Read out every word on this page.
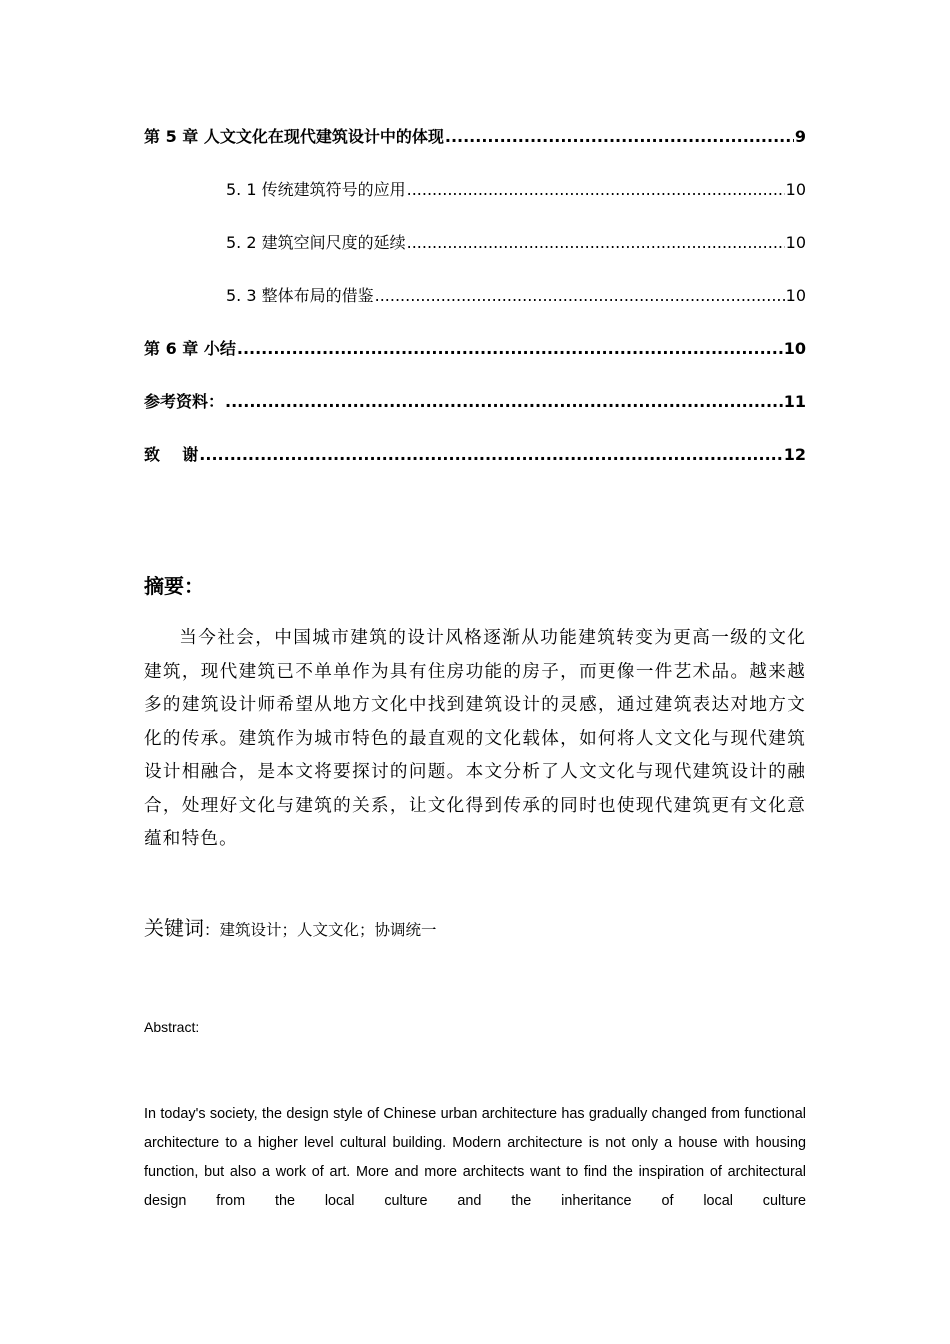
第 5 章 人文文化在现代建筑设计中的体现 .....	9
5. 1 传统建筑符号的应用 .....	10
5. 2 建筑空间尺度的延续 .....	10
5. 3 整体布局的借鉴 .....	10
第 6 章 小结 .....	10
参考资料： .....	11
致    谢 .....	12
摘要：
当今社会，中国城市建筑的设计风格逐渐从功能建筑转变为更高一级的文化建筑，现代建筑已不单单作为具有住房功能的房子，而更像一件艺术品。越来越多的建筑设计师希望从地方文化中找到建筑设计的灵感，通过建筑表达对地方文化的传承。建筑作为城市特色的最直观的文化载体，如何将人文文化与现代建筑设计相融合，是本文将要探讨的问题。本文分析了人文文化与现代建筑设计的融合，处理好文化与建筑的关系，让文化得到传承的同时也使现代建筑更有文化意蕴和特色。
关键词：建筑设计；人文文化；协调统一
Abstract:
In today's society, the design style of Chinese urban architecture has gradually changed from functional architecture to a higher level cultural building. Modern architecture is not only a house with housing function, but also a work of art. More and more architects want to find the inspiration of architectural design from the local culture and the inheritance of local culture
